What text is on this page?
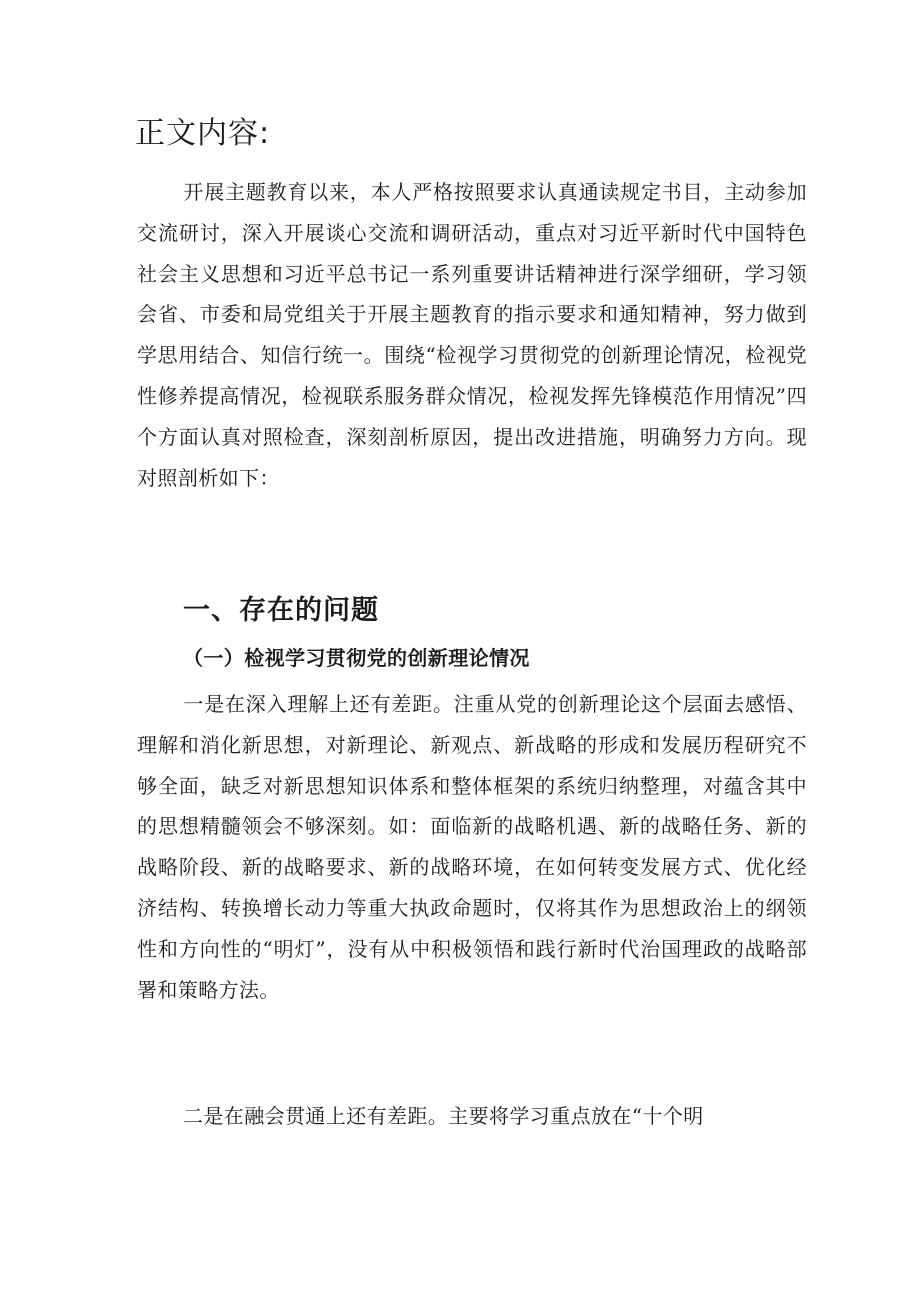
正文内容:

开展主题教育以来，本人严格按照要求认真通读规定书目，主动参加交流研讨，深入开展谈心交流和调研活动，重点对习近平新时代中国特色社会主义思想和习近平总书记一系列重要讲话精神进行深学细研，学习领会省、市委和局党组关于开展主题教育的指示要求和通知精神，努力做到学思用结合、知信行统一。围绕“检视学习贯彻党的创新理论情况，检视党性修养提高情况，检视联系服务群众情况，检视发挥先锋模范作用情况”四个方面认真对照检查，深刻剖析原因，提出改进措施，明确努力方向。现对照剖析如下：

一、存在的问题
（一）检视学习贯彻党的创新理论情况

一是在深入理解上还有差距。注重从党的创新理论这个层面去感悟、理解和消化新思想，对新理论、新观点、新战略的形成和发展历程研究不够全面，缺乏对新思想知识体系和整体框架的系统归纳整理，对蕴含其中的思想精髓领会不够深刻。如：面临新的战略机遇、新的战略任务、新的战略阶段、新的战略要求、新的战略环境，在如何转变发展方式、优化经济结构、转换增长动力等重大执政命题时，仅将其作为思想政治上的纲领性和方向性的“明灯”，没有从中积极领悟和践行新时代治国理政的战略部署和策略方法。

二是在融会贯通上还有差距。主要将学习重点放在“十个明
